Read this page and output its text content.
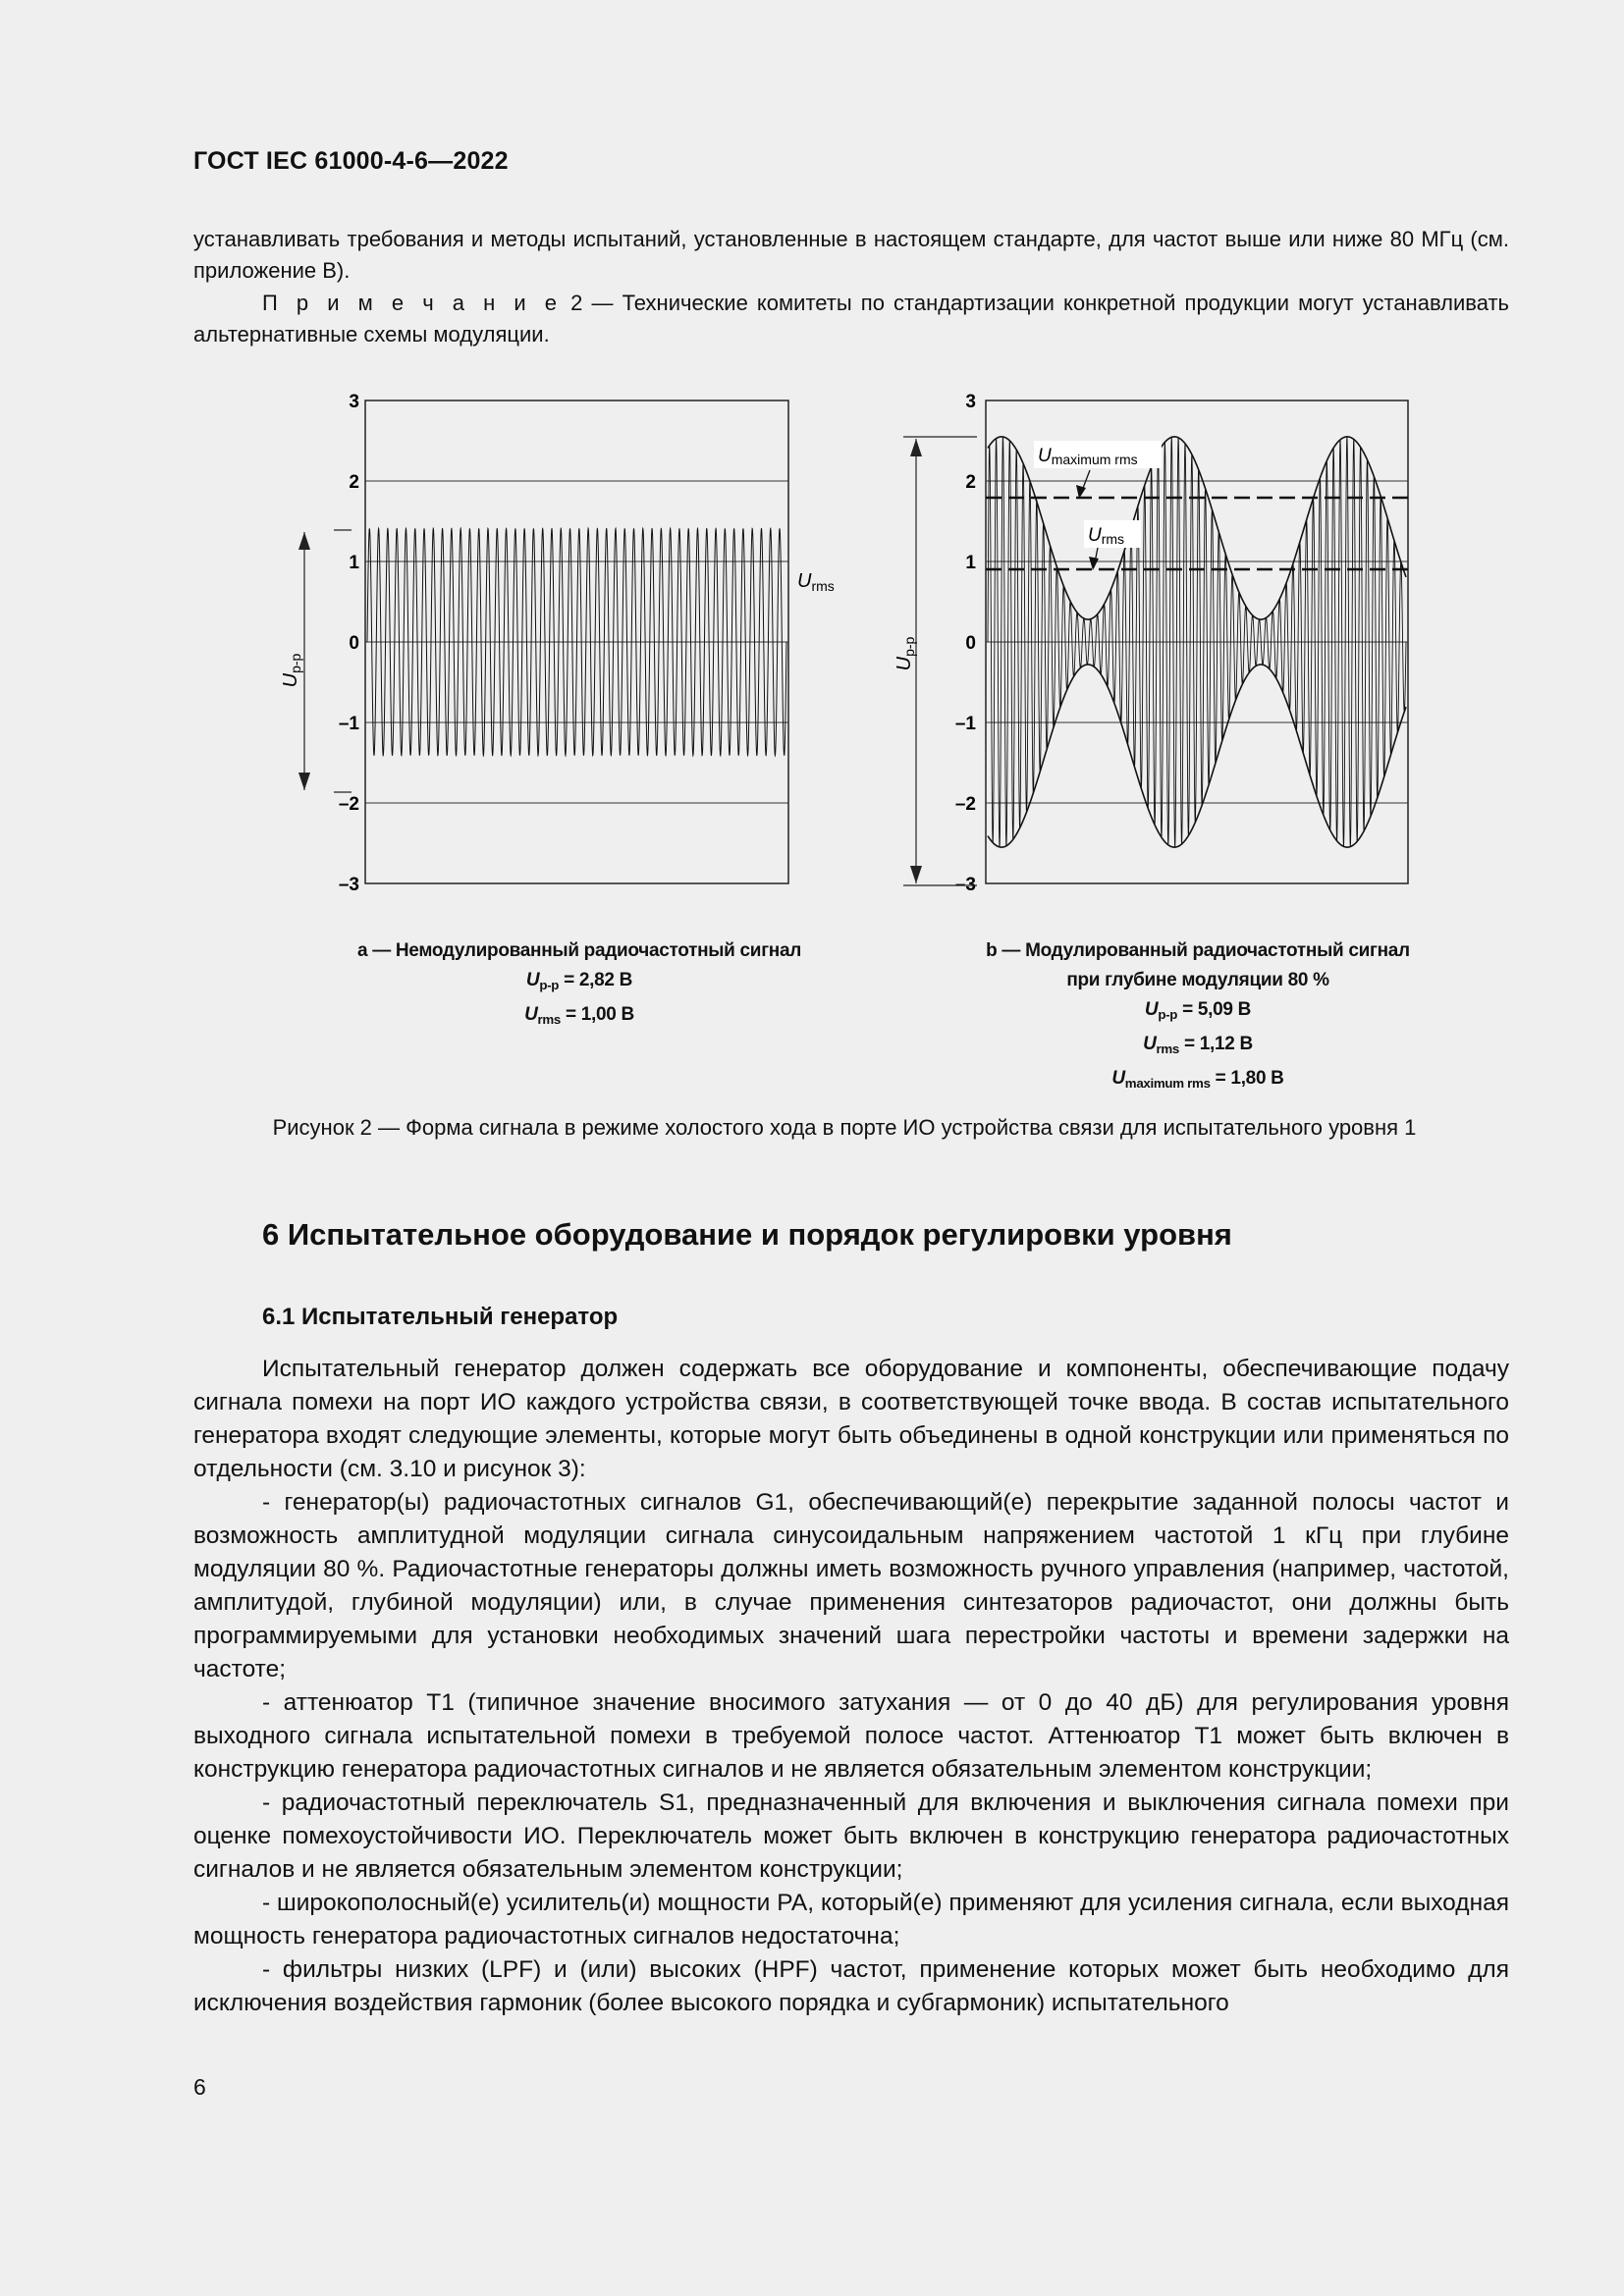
ГОСТ IEC 61000-4-6—2022
устанавливать требования и методы испытаний, установленные в настоящем стандарте, для частот выше или ниже 80 МГц (см. приложение В).
П р и м е ч а н и е 2 — Технические комитеты по стандартизации конкретной продукции могут устанавливать альтернативные схемы модуляции.
3
2
1
0
–1
–2
–3
$U_{p-p}$
$U_{rms}$
3
2
1
0
–1
–2
–3
$U_{p-p}$
Umaximum rms
Urms
a — Немодулированный радиочастотный сигнал
$U_{p-p} = 2,82$ В
$U_{rms} = 1,00$ В
b — Модулированный радиочастотный сигнал
при глубине модуляции 80 %
$U_{p-p} = 5,09$ В
$U_{rms} = 1,12$ В
$U_{maximum rms} = 1,80$ В
Рисунок 2 — Форма сигнала в режиме холостого хода в порте ИО устройства связи для испытательного уровня 1
6 Испытательное оборудование и порядок регулировки уровня
6.1 Испытательный генератор

Испытательный генератор должен содержать все оборудование и компоненты, обеспечивающие подачу сигнала помехи на порт ИО каждого устройства связи, в соответствующей точке ввода. В состав испытательного генератора входят следующие элементы, которые могут быть объединены в одной конструкции или применяться по отдельности (см. 3.10 и рисунок 3):

- генератор(ы) радиочастотных сигналов G1, обеспечивающий(е) перекрытие заданной полосы частот и возможность амплитудной модуляции сигнала синусоидальным напряжением частотой 1 кГц при глубине модуляции 80 %. Радиочастотные генераторы должны иметь возможность ручного управления (например, частотой, амплитудой, глубиной модуляции) или, в случае применения синтезаторов радиочастот, они должны быть программируемыми для установки необходимых значений шага перестройки частоты и времени задержки на частоте;

- аттенюатор Т1 (типичное значение вносимого затухания — от 0 до 40 дБ) для регулирования уровня выходного сигнала испытательной помехи в требуемой полосе частот. Аттенюатор Т1 может быть включен в конструкцию генератора радиочастотных сигналов и не является обязательным элементом конструкции;

- радиочастотный переключатель S1, предназначенный для включения и выключения сигнала помехи при оценке помехоустойчивости ИО. Переключатель может быть включен в конструкцию генератора радиочастотных сигналов и не является обязательным элементом конструкции;

- широкополосный(е) усилитель(и) мощности РА, который(е) применяют для усиления сигнала, если выходная мощность генератора радиочастотных сигналов недостаточна;

- фильтры низких (LPF) и (или) высоких (HPF) частот, применение которых может быть необходимо для исключения воздействия гармоник (более высокого порядка и субгармоник) испытательного

6
